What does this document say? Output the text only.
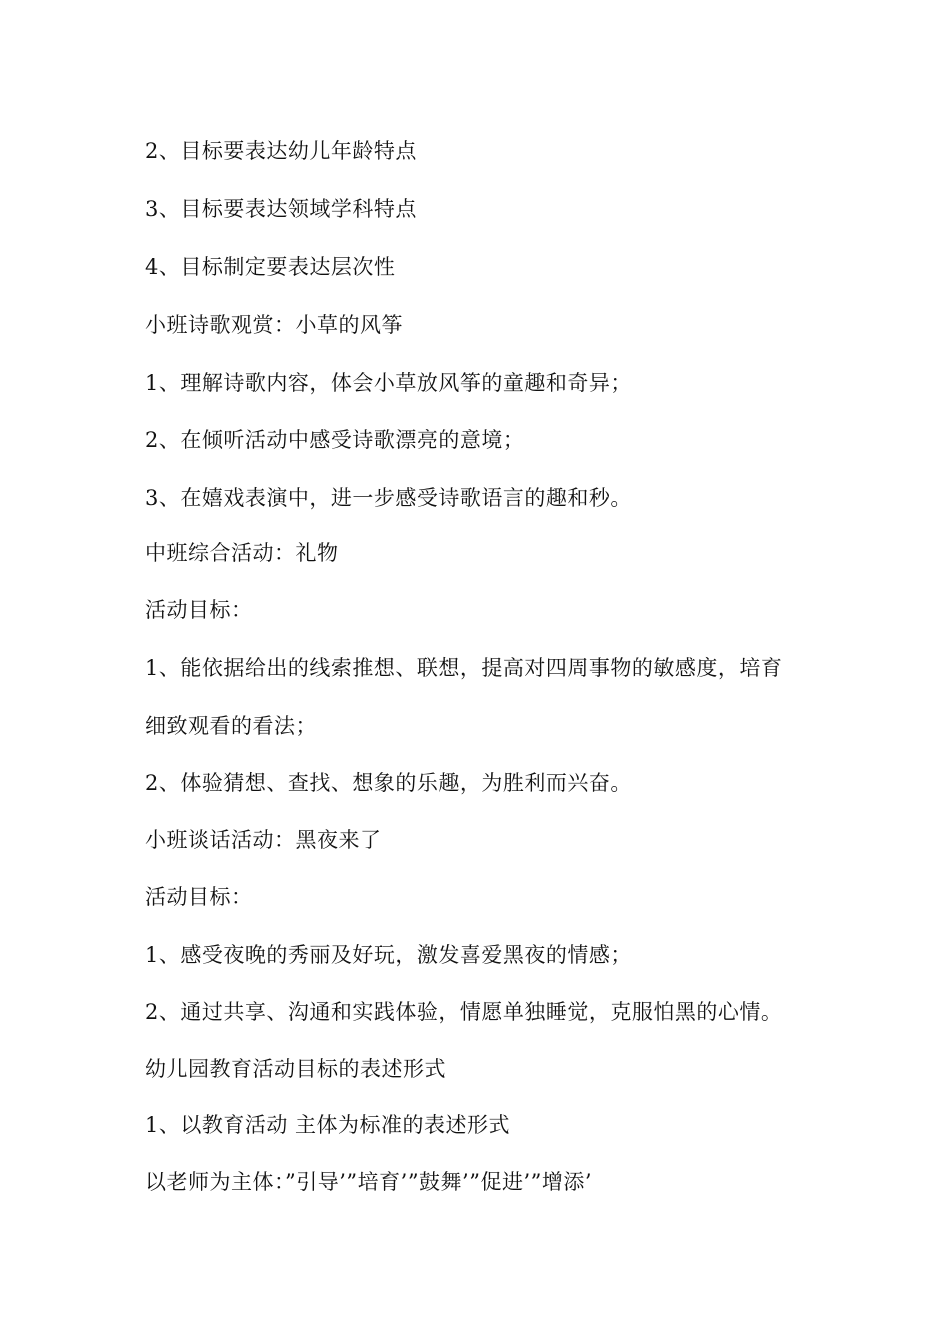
2、目标要表达幼儿年龄特点
3、目标要表达领域学科特点
4、目标制定要表达层次性
小班诗歌观赏：小草的风筝
1、理解诗歌内容，体会小草放风筝的童趣和奇异；
2、在倾听活动中感受诗歌漂亮的意境；
3、在嬉戏表演中，进一步感受诗歌语言的趣和秒。
中班综合活动：礼物
活动目标：
1、能依据给出的线索推想、联想，提高对四周事物的敏感度，培育
细致观看的看法；
2、体验猜想、查找、想象的乐趣，为胜利而兴奋。
小班谈话活动：黑夜来了
活动目标：
1、感受夜晚的秀丽及好玩，激发喜爱黑夜的情感；
2、通过共享、沟通和实践体验，情愿单独睡觉，克服怕黑的心情。
幼儿园教育活动目标的表述形式
1、以教育活动 主体为标准的表述形式
以老师为主体：”引导’”培育’”鼓舞’”促进’”增添’
